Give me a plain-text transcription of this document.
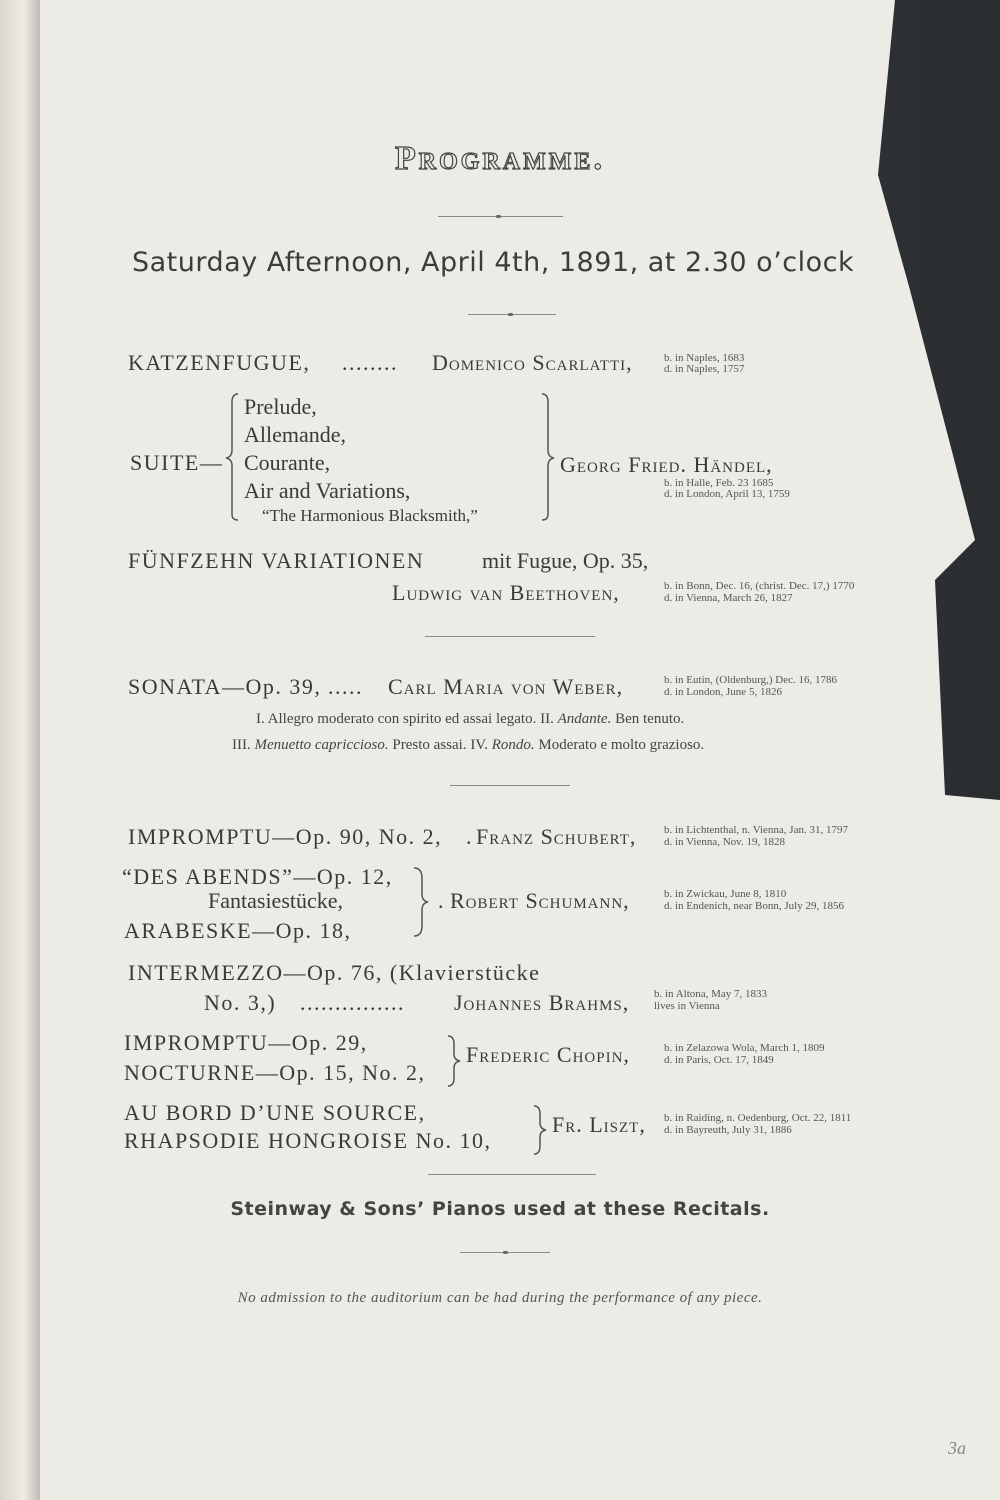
Programme.
Saturday Afternoon, April 4th, 1891, at 2.30 o’clock
KATZENFUGUE, ........ Domenico Scarlatti,	b. in Naples, 1683
d. in Naples, 1757
SUITE—
Prelude,
Allemande,
Courante,
Air and Variations,
“The Harmonious Blacksmith,”
Georg Fried. Händel,
b. in Halle, Feb. 23 1685
d. in London, April 13, 1759
FÜNFZEHN VARIATIONEN	mit Fugue, Op. 35,
Ludwig van Beethoven,	b. in Bonn, Dec. 16, (christ. Dec. 17,) 1770
d. in Vienna, March 26, 1827
SONATA—Op. 39, ..... Carl Maria von Weber,	b. in Eutin, (Oldenburg,) Dec. 16, 1786
d. in London, June 5, 1826
I. Allegro moderato con spirito ed assai legato. II. Andante. Ben tenuto.
III. Menuetto capriccioso. Presto assai. IV. Rondo. Moderato e molto grazioso.
IMPROMPTU—Op. 90, No. 2, . Franz Schubert,	b. in Lichtenthal, n. Vienna, Jan. 31, 1797
d. in Vienna, Nov. 19, 1828
“DES ABENDS”—Op. 12,
Fantasiestücke,
ARABESKE—Op. 18,
. Robert Schumann,	b. in Zwickau, June 8, 1810
d. in Endenich, near Bonn, July 29, 1856
INTERMEZZO—Op. 76, (Klavierstücke
No. 3,) ............... Johannes Brahms, b. in Altona, May 7, 1833
lives in Vienna
IMPROMPTU—Op. 29,
NOCTURNE—Op. 15, No. 2,
Frederic Chopin,	b. in Zelazowa Wola, March 1, 1809
d. in Paris, Oct. 17, 1849
AU BORD D’UNE SOURCE,
RHAPSODIE HONGROISE No. 10,
Fr. Liszt, b. in Raiding, n. Oedenburg, Oct. 22, 1811
d. in Bayreuth, July 31, 1886
Steinway & Sons’ Pianos used at these Recitals.
No admission to the auditorium can be had during the performance of any piece.
3a
